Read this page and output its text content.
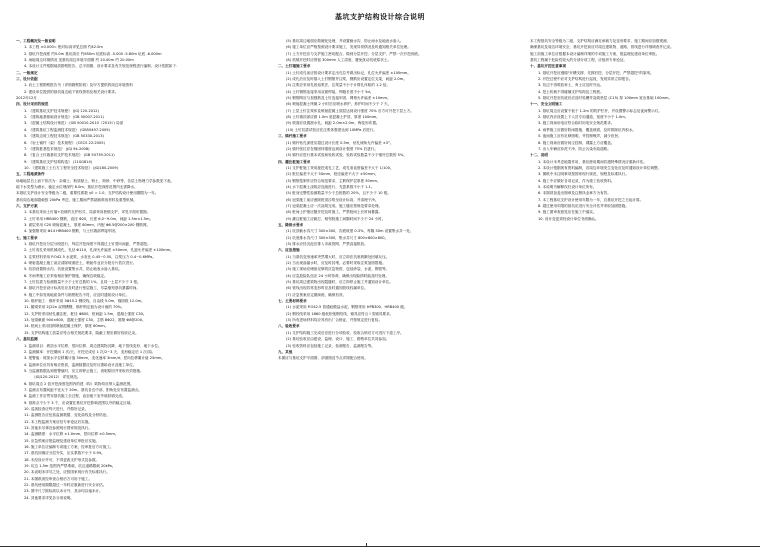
基坑支护结构设计综合说明
一、工程概况及一般说明
1. 本工程 ±0.000= 绝对标高详见总图 约42.0m
2. 基坑开挖深度 约5.0m 基坑周长 约650m 坑底标高 -5.000 -5.80m 坑底 -6.000m
3. 场地周边环境情况 见基坑周边环境平面图 约 20.00m 约 20.00m
4. 本设计文件根据地质勘察报告、总平面图、设计要求及有关规范规程进行编制，设计依据如下：
二、一般规定
三、设计依据
1. 岩土工程勘察报告书（详细勘察阶段）及甲方提供的周边环境资料
2. 建设单位提供的基坑周边地下管线资料及相关设计要求。
2012年12月
四、设计采用的规范
1. 《建筑基坑支护技术规程》 (JGJ 120-2012)
2. 《建筑地基基础设计规范》 (GB 50007-2011)
3. 《混凝土结构设计规范》 (GB 50010-2010（2015）) 局部
4. 《建筑基坑工程监测技术规范》 (GB50497-2009)
5. 《建筑边坡工程技术规范》 (GB 50330-2013)
6. 《岩土锚杆（索）技术规程》 (CECS 22:2005)
7. 《建筑桩基技术规范》 (JGJ 94-2008)
8. 《复合土钉墙基坑支护技术规范》 (GB 50739-2011)
9. 《建筑基坑支护结构构造》 (11SG814)
10. 《建筑施工土石方工程安全技术规范》 (JGJ180-2009)
五、工程地质条件
场地地层自上而下依次为：杂填土、粉质黏土、粉土、细砂、中砂等，各层土物理力学参数见下表。
地下水类型为潜水，稳定水位埋深约 8.0m，基坑开挖深度范围内无需降水。
本基坑支护设计安全等级为二级，重要性系数 γ0 = 1.0，支护结构设计使用期限为一年。
基坑周边地面超载按 20kPa 考虑，施工期间严禁超载堆放材料及重型机械。
六、支护方案
1. 本基坑采用土钉墙+放坡的支护形式，局部采用桩锚支护，详见平面布置图。
2. 土钉采用 HRB400 钢筋，直径 Φ20，长度 6.0~9.0m，间距 1.5m×1.5m。
3. 面层采用 C20 喷射混凝土，厚度 80mm，内配 Φ6.5@200×200 钢筋网。
4. 加强筋采用 Φ14 HRB400 钢筋，与土钉端部焊接牢固。
七、施工要求
1. 基坑开挖应分层分段进行，每层开挖深度不得超过土钉竖向间距，严禁超挖。
2. 土钉成孔采用机械成孔，孔径 Φ110，孔深允许偏差 ±50mm，孔距允许偏差 ±100mm。
3. 注浆材料采用 P.O42.5 水泥浆，水灰比 0.45~0.50，注浆压力 0.4~0.6MPa。
4. 喷射混凝土施工前应清除坡面虚土，喷射作业应分段分片依次进行。
5. 坑顶设置排水沟，坑底设置集水井，防止地表水渗入基坑。
6. 冬雨季施工应采取相应保护措施，确保边坡稳定。
7. 土钉抗拔力检测数量不少于土钉总数的 1%，且同一土层不少于 3 根。
8. 基坑开挖至设计标高后应及时进行垫层施工，尽量缩短基坑暴露时间。
9. 施工中如发现地质条件与勘察报告不符，应及时通知设计单位。
10. 锚杆施工：锚杆采用 3Φ15.2 钢绞线，自由段 5.0m，锚固段 12.0m。
11. 腰梁采用 2[22a 双拼槽钢，锚杆锁定值为设计值的 70%。
12. 支护桩采用钻孔灌注桩，桩径 Φ800，桩间距 1.5m，混凝土强度 C30。
13. 冠梁截面 900×600，混凝土强度 C30，主筋 8Φ22，箍筋 Φ8@200。
14. 桩间土采用挂网喷射混凝土保护，厚度 60mm。
15. 支护结构施工质量应符合相关规范要求，隐蔽工程应做好验收记录。
八、基坑监测
1. 监测项目：坡顶水平位移、竖向位移、周边建筑物沉降、地下管线变形、地下水位。
2. 监测频率：开挖期间 1 次/天，开挖完成后 1 次/2~3 天，变形稳定后 1 次/周。
3. 报警值：坡顶水平位移累计值 30mm，变化速率 3mm/d；竖向位移累计值 25mm。
4. 监测单位应具有相应资质，监测数据应及时反馈给设计及施工单位。
5. 当监测数据达到报警值时，应立即停止施工，查明原因并采取有效措施。
（JGJ120-2012） 详见规范。
6. 基坑周边 2 倍开挖深度范围内的建（构）筑物均应纳入监测范围。
7. 监测点布置间距不宜大于 20m，基坑各边中部、阳角处应布置监测点。
8. 监测工作应贯穿基坑施工全过程，直至地下室外墙回填完成。
9. 基准点不少于 3 个，应设置在基坑开挖影响范围以外的稳定区域。
10. 巡视检查应每天进行，并做好记录。
11. 监测报告应包括监测数据、变化曲线及分析结论。
12. 本工程监测方案应经专家论证后实施。
13. 其他未尽事宜参照现行国家规范执行。
14. 监测精度：水平位移 ±1.0mm，竖向位移 ±0.5mm。
15. 应急预案应报监理及建设单位审批后实施。
16. 施工单位应编制专项施工方案，经审批后方可施工。
17. 基坑回填应分层夯实，压实系数不小于 0.94。
18. 未经设计许可，不得更改支护形式及参数。
19. 坑边 1.5m 范围内严禁堆载，坑边道路限载 20kPa。
20. 本说明未详尽之处，应按国家现行有关标准执行。
21. 本图纸须经审查合格后方可用于施工。
22. 基坑使用期限超过一年时应重新进行安全评估。
23. 图中尺寸除标高以米计外，其余均以毫米计。
24. 其他要求详见各分项说明。
(5) 基坑周边地面应做硬化处理，并设置截水沟，防止雨水及地表水渗入。
(6) 施工单位应严格按照设计要求施工，发现异常情况及时通知相关单位处理。
(7) 土方开挖应与支护施工密切配合，做到分层开挖、分层支护，严禁一次开挖到底。
(8) 机械开挖时应预留 300mm 人工清底，避免扰动坑底原状土。
二、土钉墙施工要求
(1) 土钉成孔前应按设计要求定出孔位并做出标记，孔位允许偏差 ±100mm。
(2) 成孔后应及时插入土钉钢筋并注浆，钢筋应设置定位支架，间距 2.0m。
(3) 注浆应采用孔底返浆法，注浆量不小于计算孔体积的 1.2 倍。
(4) 土钉钢筋连接采用双面焊接，焊缝长度不小于 5d。
(5) 钢筋网应与加强筋及土钉连接牢固，网格允许偏差 ±10mm。
(6) 喷射混凝土终凝 2 小时后应喷水养护，养护时间不少于 7 天。
(7) 上层土钉注浆体及喷射混凝土面层达到设计强度 70% 后方可开挖下层土方。
(8) 土钉墙顶部应做 1.0m 宽混凝土护顶，厚度 100mm。
(9) 坡面应设置泄水孔，间距 2.0m×2.0m，梅花形布置。
(10) 土钉抗拔试验应在注浆体强度达到 10MPa 后进行。
三、锚杆施工要求
(1) 锚杆钻孔深度应超过设计长度 0.5m，钻孔倾角允许偏差 ±3°。
(2) 锚杆张拉应在锚固体强度达到设计强度 75% 后进行。
(3) 锚杆应进行基本试验和验收试验，验收试验数量不少于锚杆总数的 5%。
四、灌注桩施工要求
(1) 支护桩施工采用旋挖成孔工艺，成孔垂直度偏差不大于 1/100。
(2) 桩位偏差不大于 50mm，桩径偏差不大于 ±50mm。
(3) 钢筋笼制作应符合规范要求，主筋保护层厚度 50mm。
(4) 水下混凝土浇筑应连续进行，充盈系数不小于 1.1。
(5) 桩身完整性检测数量不少于总桩数的 20%，且不少于 10 根。
(6) 冠梁施工前应凿除桩顶浮浆至设计标高，并清理干净。
(7) 冠梁混凝土应一次浇筑完成，施工缝应按规范要求处理。
(8) 桩间土护壁应随开挖及时施工，严禁桩间土长时间暴露。
(9) 灌注桩施工应跳打，相邻桩施工间隔时间不少于 24 小时。
五、降排水要求
(1) 坑顶截水沟尺寸 300×300，沟底坡度 0.3%，每隔 30m 设置集水井一处。
(2) 坑底排水沟尺寸 300×300，集水井尺寸 800×800×800。
(3) 排水应经沉淀后排入市政管网，严禁直接排放。
六、应急措施
(1) 当基坑变形速率突然增大时，应立即在坑底坡脚处回填反压。
(2) 当出现渗漏水时，应及时封堵，必要时采取注浆加固措施。
(3) 施工现场应储备足够的应急物资，包括砂袋、水泥、钢管等。
(4) 应急抢险队伍应 24 小时待命，确保出现险情时能及时处理。
(5) 基坑周边建筑物出现裂缝时，应立即停止施工并通知设计单位。
(6) 管线出现异常变形时应及时通知管线权属单位。
(7) 应急预案应定期演练，确保有效。
七、主要材料要求
(1) 水泥采用 P.O42.5 普通硅酸盐水泥，钢筋采用 HPB300、HRB400 级。
(2) 钢绞线采用 1860 级低松弛钢绞线，锚具应符合 I 类锚具要求。
(3) 所有进场材料均应具有出厂合格证，并按规定进行复检。
八、验收要求
(1) 支护结构施工完成后应进行分项验收，验收合格后方可进行下道工序。
(2) 基坑验收应由建设、监理、设计、施工、勘察单位共同参加。
(3) 验收资料应包括施工记录、检测报告、监测报告等。
九、其他
本图应与基坑支护平面图、剖面图及节点详图配合使用。
本工程基坑安全等级为二级，支护结构应满足承载力及变形要求，施工期间应加强观测，
确保基坑及周边环境安全，基坑开挖前应对周边建筑物、道路、管线进行详细调查并记录。
施工前施工单位应根据本设计编制详细的专项施工方案，报监理及建设单位审批。
基坑工程属于危险性较大的分部分项工程，应组织专家论证。
十、基坑开挖注意事项
1. 基坑开挖应遵循"开槽支撑、先撑后挖、分层开挖、严禁超挖"的原则。
2. 开挖过程中应对支护结构进行巡视，发现异常立即报告。
3. 坑边不得堆放弃土，弃土应及时外运。
4. 挖土机械不得碰撞支护结构及工程桩。
5. 基坑开挖至坑底后应及时验槽并浇筑垫层 (C15) 厚 100mm 宽出基础 100mm。
十一、安全文明施工
1. 基坑周边应设置不低于 1.2m 的防护栏杆，并设置警示标志及夜间警示灯。
2. 基坑内应设置上下人员专用通道，宽度不小于 1.0m。
3. 施工现场用电应符合临时用电安全规范要求。
4. 雨季施工应做好防雨措施，覆盖坡面，及时排除坑内积水。
5. 夜间施工应有足够照明，并控制噪声，减少扰民。
6. 施工现场应做好扬尘控制，裸露土方应覆盖。
7. 出入车辆应冲洗干净，防止污染市政道路。
十二、说明
1. 本设计未考虑地震作用，基坑使用期间若遇特殊情况应重新评估。
2. 本设计根据现有资料编制，若周边环境发生变化应及时通知设计单位调整。
3. 图纸中未注明事项按国家现行规范、规程及标准执行。
4. 施工中应做好各项记录，作为竣工验收资料。
5. 本说明书解释权归设计单位所有。
6. 本图须加盖出图章及注册执业章方为有效。
7. 本工程基坑支护设计使用年限为一年，自基坑开挖之日起计算。
8. 超过使用年限的基坑应进行安全评估并采取加固措施。
9. 施工图审查意见应在施工中落实。
10. 设计变更须经设计单位书面确认。
